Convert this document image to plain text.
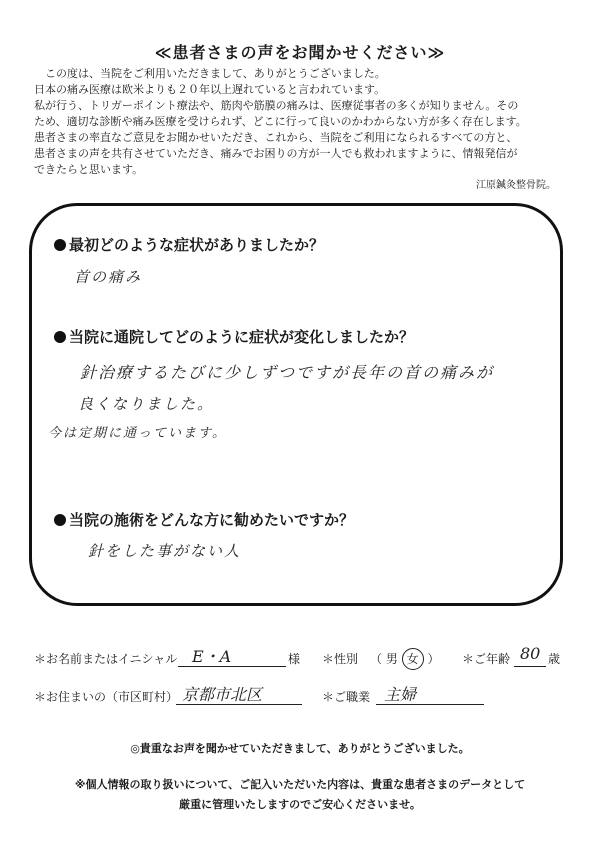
≪患者さまの声をお聞かせください≫

この度は、当院をご利用いただきまして、ありがとうございました。

日本の痛み医療は欧米よりも２０年以上遅れていると言われています。

私が行う、トリガーポイント療法や、筋肉や筋膜の痛みは、医療従事者の多くが知りません。その

ため、適切な診断や痛み医療を受けられず、どこに行って良いのかわからない方が多く存在します。

患者さまの率直なご意見をお聞かせいただき、これから、当院をご利用になられるすべての方と、

患者さまの声を共有させていただき、痛みでお困りの方が一人でも救われますように、情報発信が

できたらと思います。

江原鍼灸整骨院。
最初どのような症状がありましたか？
首の痛み
当院に通院してどのように症状が変化しましたか？
針治療するたびに少しずつですが長年の首の痛みが
良くなりました。
今は定期に通っています。
当院の施術をどんな方に勧めたいですか？
針をした事がない人
＊お名前またはイニシャル E・A	様 ＊性別 （ 男 女 ） ＊ご年齢 80 歳
＊お住まいの（市区町村） 京都市北区	＊ご職業 主婦
◎貴重なお声を聞かせていただきまして、ありがとうございました。
※個人情報の取り扱いについて、ご記入いただいた内容は、貴重な患者さまのデータとして
厳重に管理いたしますのでご安心くださいませ。
